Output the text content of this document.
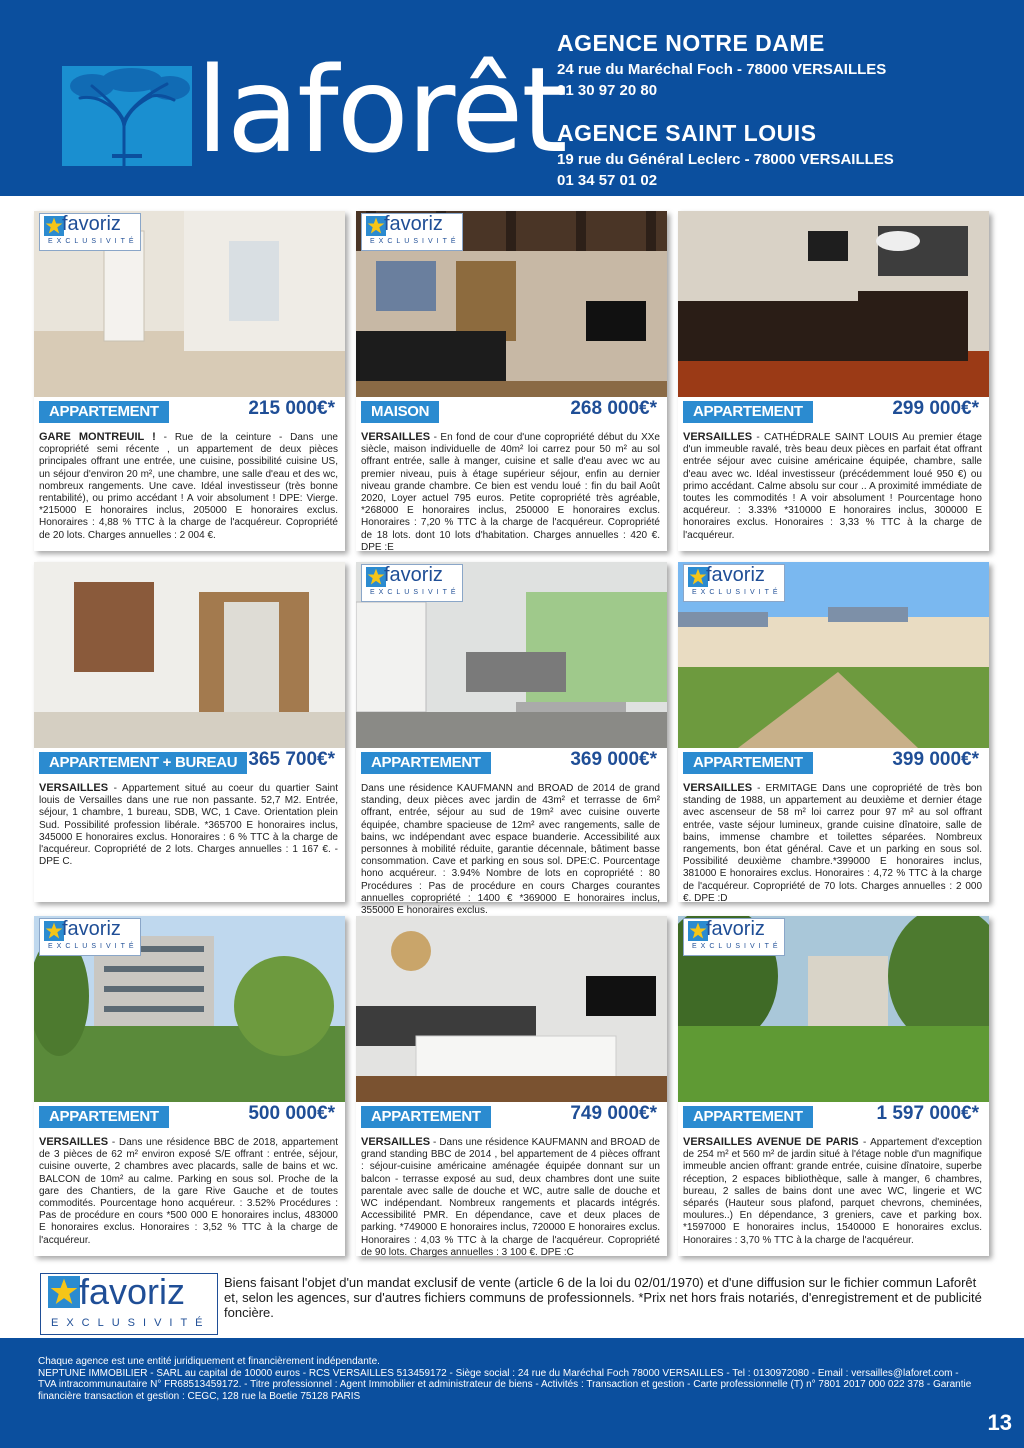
laforêt
AGENCE NOTRE DAME
24 rue du Maréchal Foch - 78000 VERSAILLES
01 30 97 20 80
AGENCE SAINT LOUIS
19 rue du Général Leclerc - 78000 VERSAILLES
01 34 57 01 02
favoriz
EXCLUSIVITÉ
APPARTEMENT	215 000€*
GARE MONTREUIL ! - Rue de la ceinture - Dans une copropriété semi récente , un appartement de deux pièces principales offrant une entrée, une cuisine, possibilité cuisine US, un séjour d'environ 20 m², une chambre, une salle d'eau et des wc, nombreux rangements. Une cave. Idéal investisseur (très bonne rentabilité), ou primo accédant ! A voir absolument ! DPE: Vierge. *215000 E honoraires inclus, 205000 E honoraires exclus. Honoraires : 4,88 % TTC à la charge de l'acquéreur. Copropriété de 20 lots. Charges annuelles : 2 004 €.
favoriz
EXCLUSIVITÉ
MAISON	268 000€*
VERSAILLES - En fond de cour d'une copropriété début du XXe siècle, maison individuelle de 40m² loi carrez pour 50 m² au sol offrant entrée, salle à manger, cuisine et salle d'eau avec wc au premier niveau, puis à étage supérieur séjour, enfin au dernier niveau grande chambre. Ce bien est vendu loué : fin du bail Août 2020, Loyer actuel 795 euros. Petite copropriété très agréable, *268000 E honoraires inclus, 250000 E honoraires exclus. Honoraires : 7,20 % TTC à la charge de l'acquéreur. Copropriété de 18 lots. dont 10 lots d'habitation. Charges annuelles : 420 €. DPE :E
APPARTEMENT	299 000€*
VERSAILLES - CATHÉDRALE SAINT LOUIS Au premier étage d'un immeuble ravalé, très beau deux pièces en parfait état offrant entrée séjour avec cuisine américaine équipée, chambre, salle d'eau avec wc. Idéal investisseur (précédemment loué 950 €) ou primo accédant. Calme absolu sur cour .. A proximité immédiate de toutes les commodités ! A voir absolument ! Pourcentage hono acquéreur. : 3.33% *310000 E honoraires inclus, 300000 E honoraires exclus. Honoraires : 3,33 % TTC à la charge de l'acquéreur.
APPARTEMENT + BUREAU 365 700€*
VERSAILLES - Appartement situé au coeur du quartier Saint louis de Versailles dans une rue non passante. 52,7 M2. Entrée, séjour, 1 chambre, 1 bureau, SDB, WC, 1 Cave. Orientation plein Sud. Possibilité profession libérale. *365700 E honoraires inclus, 345000 E honoraires exclus. Honoraires : 6 % TTC à la charge de l'acquéreur. Copropriété de 2 lots. Charges annuelles : 1 167 €. - DPE C.
favoriz
EXCLUSIVITÉ
APPARTEMENT	369 000€*
Dans une résidence KAUFMANN and BROAD de 2014 de grand standing, deux pièces avec jardin de 43m² et terrasse de 6m² offrant, entrée, séjour au sud de 19m² avec cuisine ouverte équipée, chambre spacieuse de 12m² avec rangements, salle de bains, wc indépendant avec espace buanderie. Accessibilité aux personnes à mobilité réduite, garantie décennale, bâtiment basse consommation. Cave et parking en sous sol. DPE:C. Pourcentage hono acquéreur. : 3.94% Nombre de lots en copropriété : 80 Procédures : Pas de procédure en cours Charges courantes annuelles copropriété : 1400 € *369000 E honoraires inclus, 355000 E honoraires exclus.
favoriz
EXCLUSIVITÉ
APPARTEMENT	399 000€*
VERSAILLES - ERMITAGE Dans une copropriété de très bon standing de 1988, un appartement au deuxième et dernier étage avec ascenseur de 58 m² loi carrez pour 97 m² au sol offrant entrée, vaste séjour lumineux, grande cuisine dînatoire, salle de bains, immense chambre et toilettes séparées. Nombreux rangements, bon état général. Cave et un parking en sous sol. Possibilité deuxième chambre.*399000 E honoraires inclus, 381000 E honoraires exclus. Honoraires : 4,72 % TTC à la charge de l'acquéreur. Copropriété de 70 lots. Charges annuelles : 2 000 €. DPE :D
favoriz
EXCLUSIVITÉ
APPARTEMENT	500 000€*
VERSAILLES - Dans une résidence BBC de 2018, appartement de 3 pièces de 62 m² environ exposé S/E offrant : entrée, séjour, cuisine ouverte, 2 chambres avec placards, salle de bains et wc. BALCON de 10m² au calme. Parking en sous sol. Proche de la gare des Chantiers, de la gare Rive Gauche et de toutes commodités. Pourcentage hono acquéreur. : 3.52% Procédures : Pas de procédure en cours *500 000 E honoraires inclus, 483000 E honoraires exclus. Honoraires : 3,52 % TTC à la charge de l'acquéreur.
APPARTEMENT	749 000€*
VERSAILLES - Dans une résidence KAUFMANN and BROAD de grand standing BBC de 2014 , bel appartement de 4 pièces offrant : séjour-cuisine américaine aménagée équipée donnant sur un balcon - terrasse exposé au sud, deux chambres dont une suite parentale avec salle de douche et WC, autre salle de douche et WC indépendant. Nombreux rangements et placards intégrés. Accessibilité PMR. En dépendance, cave et deux places de parking. *749000 E honoraires inclus, 720000 E honoraires exclus. Honoraires : 4,03 % TTC à la charge de l'acquéreur. Copropriété de 90 lots. Charges annuelles : 3 100 €. DPE :C
favoriz
EXCLUSIVITÉ
APPARTEMENT	1 597 000€*
VERSAILLES AVENUE DE PARIS - Appartement d'exception de 254 m² et 560 m² de jardin situé à l'étage noble d'un magnifique immeuble ancien offrant: grande entrée, cuisine dînatoire, superbe réception, 2 espaces bibliothèque, salle à manger, 6 chambres, bureau, 2 salles de bains dont une avec WC, lingerie et WC séparés (Hauteur sous plafond, parquet chevrons, cheminées, moulures..) En dépendance, 3 greniers, cave et parking box. *1597000 E honoraires inclus, 1540000 E honoraires exclus. Honoraires : 3,70 % TTC à la charge de l'acquéreur.
favoriz
EXCLUSIVITÉ
Biens faisant l'objet d'un mandat exclusif de vente (article 6 de la loi du 02/01/1970) et d'une diffusion sur le fichier commun Laforêt et, selon les agences, sur d'autres fichiers communs de professionnels. *Prix net hors frais notariés, d'enregistrement et de publicité foncière.
Chaque agence est une entité juridiquement et financièrement indépendante.
NEPTUNE IMMOBILIER - SARL au capital de 10000 euros - RCS VERSAILLES 513459172 - Siège social : 24 rue du Maréchal Foch 78000 VERSAILLES - Tel : 0130972080 - Email : versailles@laforet.com - TVA intracommunautaire N° FR68513459172. - Titre professionnel : Agent Immobilier et administrateur de biens - Activités : Transaction et gestion - Carte professionnelle (T) n° 7801 2017 000 022 378 - Garantie financière transaction et gestion : CEGC, 128 rue la Boetie 75128 PARIS
13
